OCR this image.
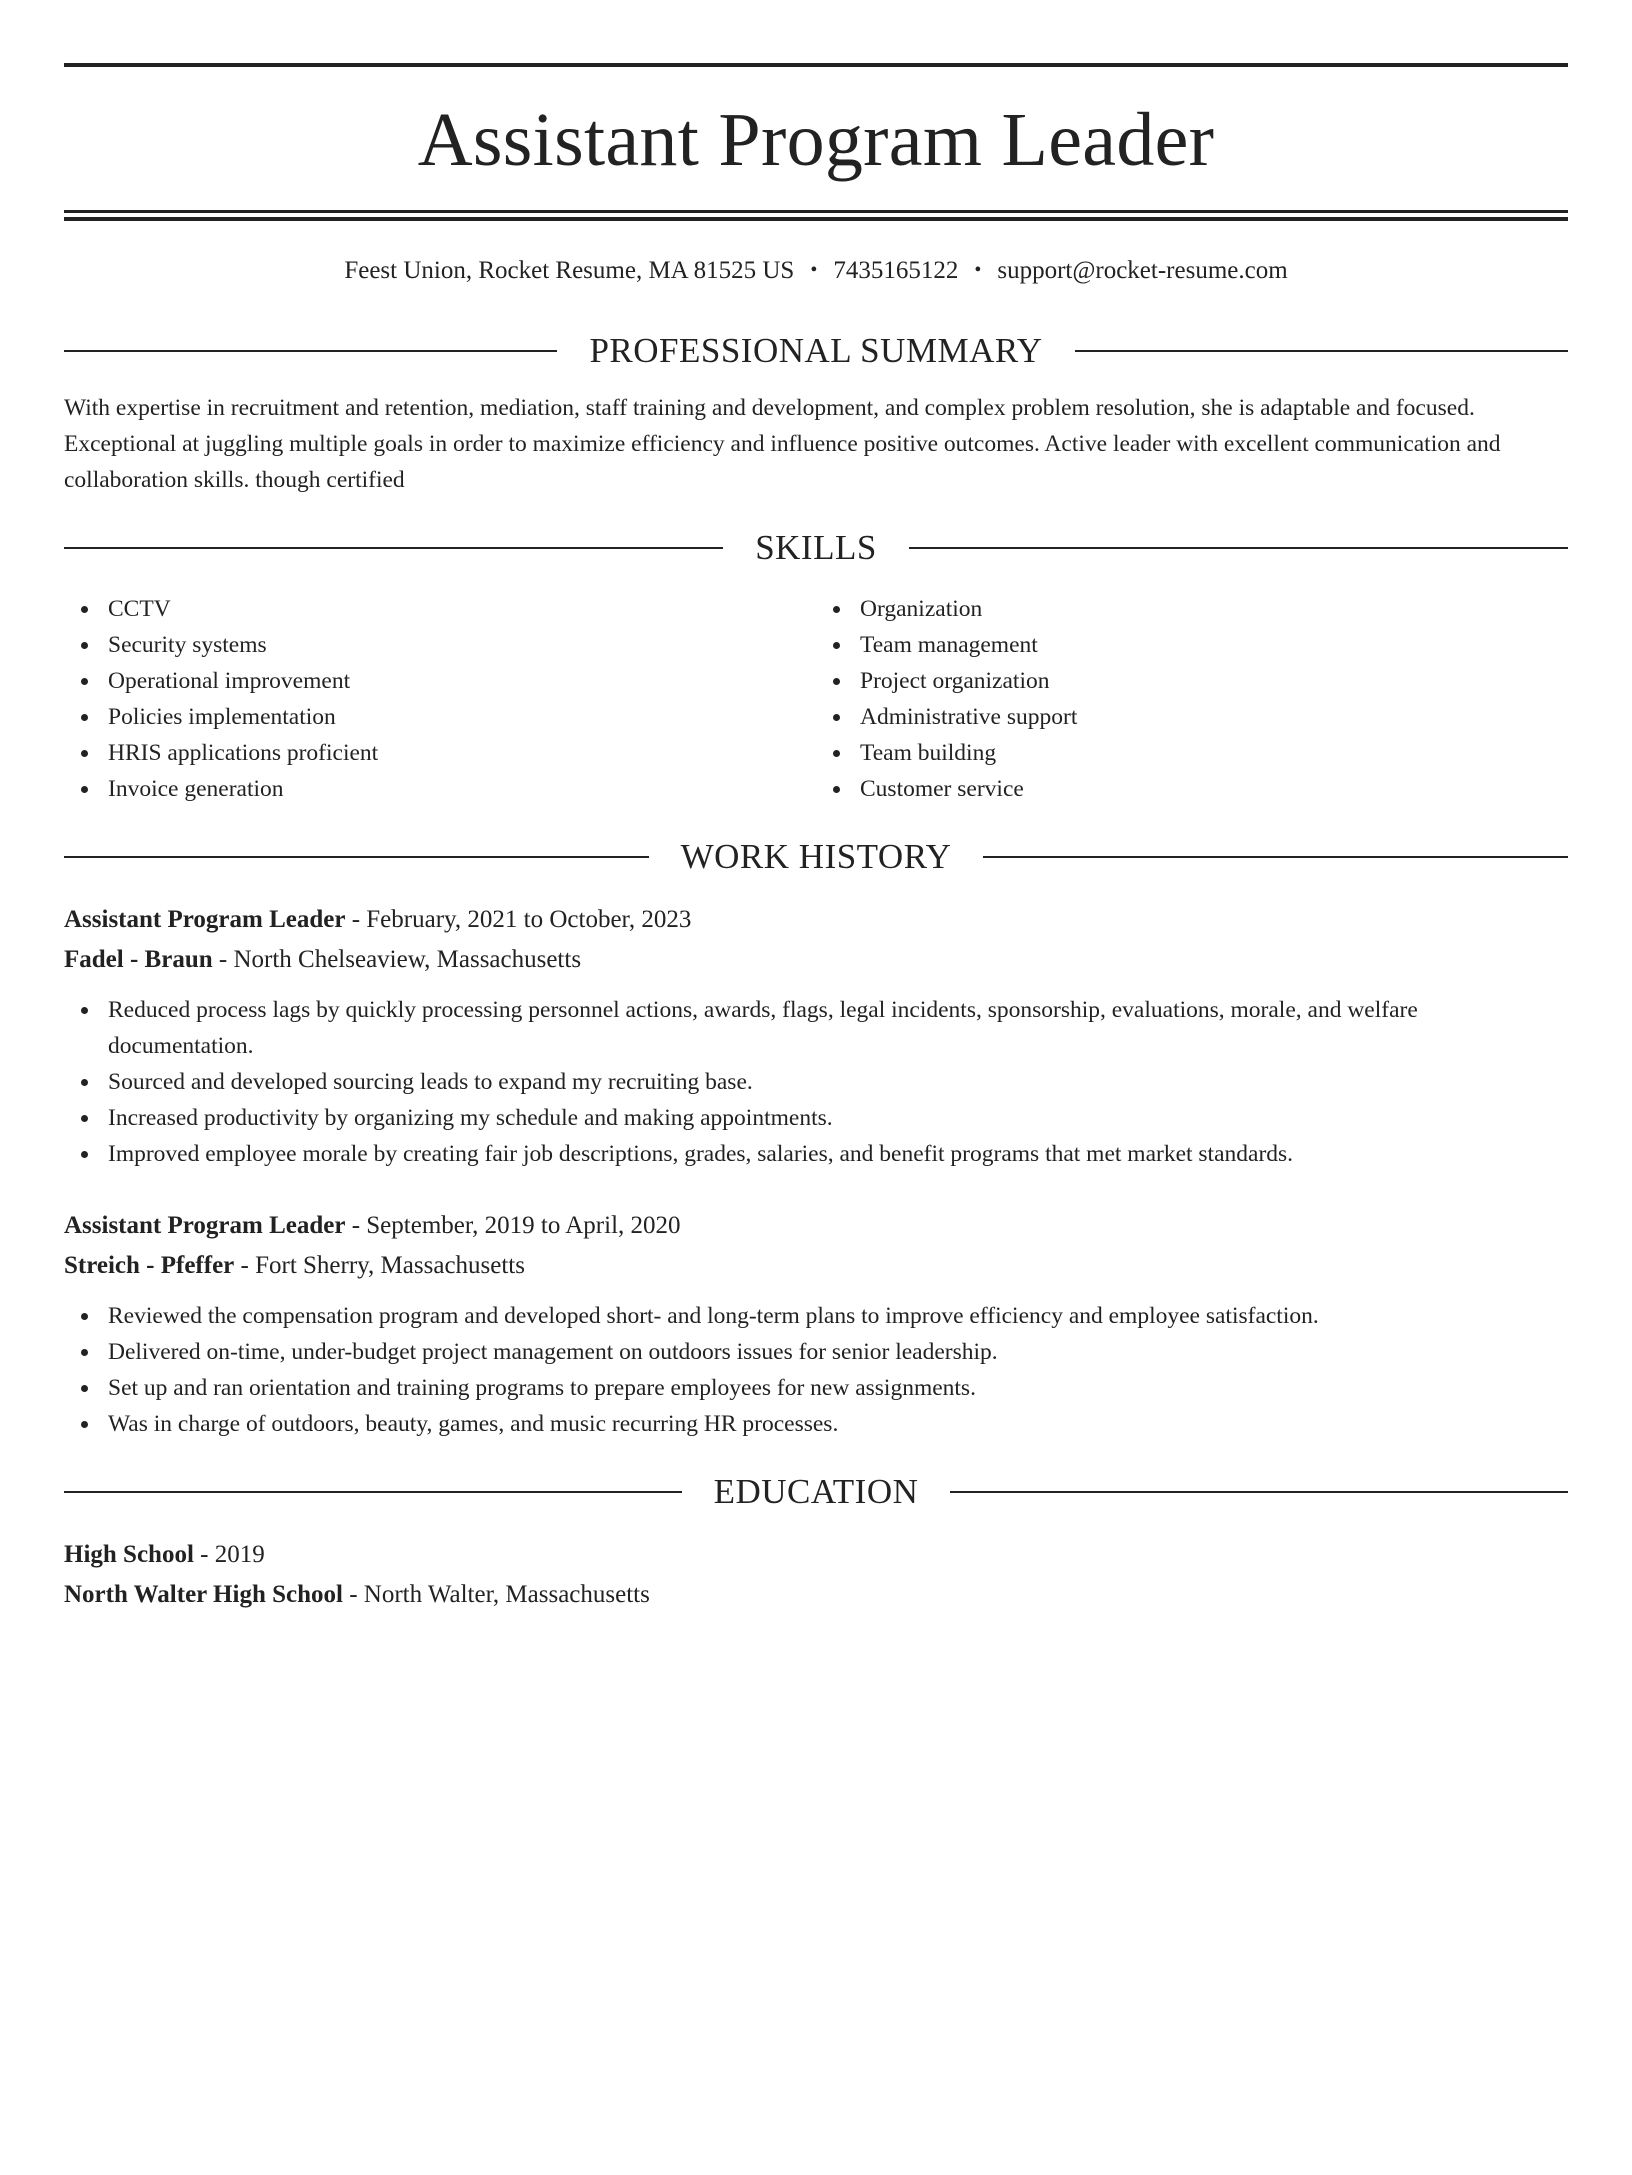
Assistant Program Leader
Feest Union, Rocket Resume, MA 81525 US • 7435165122 • support@rocket-resume.com
PROFESSIONAL SUMMARY

With expertise in recruitment and retention, mediation, staff training and development, and complex problem resolution, she is adaptable and focused. Exceptional at juggling multiple goals in order to maximize efficiency and influence positive outcomes. Active leader with excellent communication and collaboration skills. though certified

SKILLS
CCTV
Security systems
Operational improvement
Policies implementation
HRIS applications proficient
Invoice generation
Organization
Team management
Project organization
Administrative support
Team building
Customer service
WORK HISTORY
Assistant Program Leader - February, 2021 to October, 2023
Fadel - Braun - North Chelseaview, Massachusetts
Reduced process lags by quickly processing personnel actions, awards, flags, legal incidents, sponsorship, evaluations, morale, and welfare documentation.
Sourced and developed sourcing leads to expand my recruiting base.
Increased productivity by organizing my schedule and making appointments.
Improved employee morale by creating fair job descriptions, grades, salaries, and benefit programs that met market standards.
Assistant Program Leader - September, 2019 to April, 2020
Streich - Pfeffer - Fort Sherry, Massachusetts
Reviewed the compensation program and developed short- and long-term plans to improve efficiency and employee satisfaction.
Delivered on-time, under-budget project management on outdoors issues for senior leadership.
Set up and ran orientation and training programs to prepare employees for new assignments.
Was in charge of outdoors, beauty, games, and music recurring HR processes.
EDUCATION
High School - 2019
North Walter High School - North Walter, Massachusetts
